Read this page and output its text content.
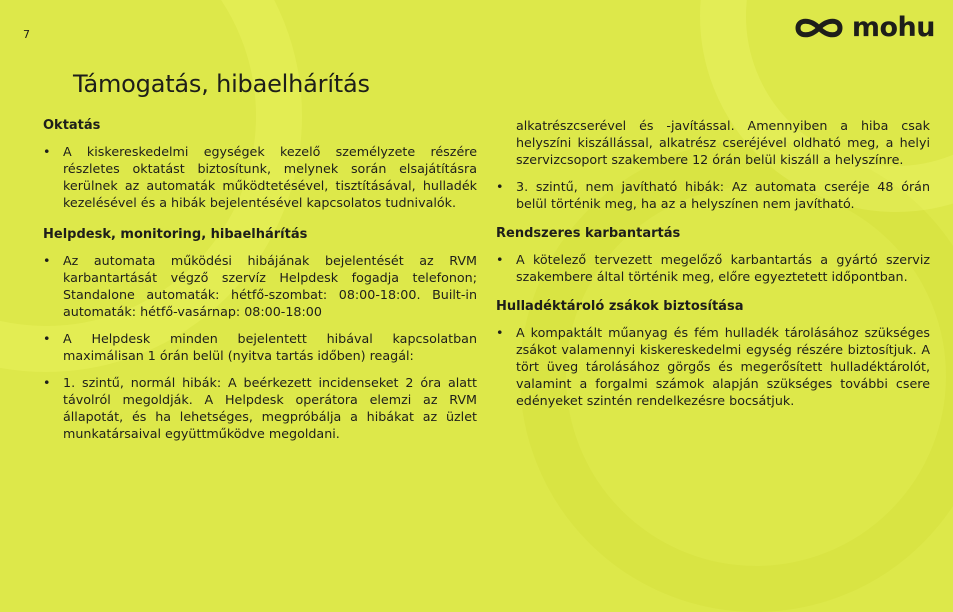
7	mohu
Támogatás, hibaelhárítás
Oktatás
• A kiskereskedelmi egységek kezelő személyzete részére részletes oktatást biztosítunk, melynek során elsajátításra kerülnek az automaták működtetésével, tisztításával, hulladék kezelésével és a hibák bejelentésével kapcsolatos tudnivalók.
Helpdesk, monitoring, hibaelhárítás
• Az automata működési hibájának bejelentését az RVM karbantartását végző szervíz Helpdesk fogadja telefonon; Standalone automaták: hétfő-szombat: 08:00-18:00. Built-in automaták: hétfő-vasárnap: 08:00-18:00
• A Helpdesk minden bejelentett hibával kapcsolatban maximálisan 1 órán belül (nyitva tartás időben) reagál:
• 1. szintű, normál hibák: A beérkezett incidenseket 2 óra alatt távolról megoldják. A Helpdesk operátora elemzi az RVM állapotát, és ha lehetséges, megpróbálja a hibákat az üzlet munkatársaival együttműködve megoldani.
alkatrészcserével és -javítással. Amennyiben a hiba csak helyszíni kiszállással, alkatrész cseréjével oldható meg, a helyi szervizcsoport szakembere 12 órán belül kiszáll a helyszínre.
• 3. szintű, nem javítható hibák: Az automata cseréje 48 órán belül történik meg, ha az a helyszínen nem javítható.
Rendszeres karbantartás
• A kötelező tervezett megelőző karbantartás a gyártó szerviz szakembere által történik meg, előre egyeztetett időpontban.
Hulladéktároló zsákok biztosítása
• A kompaktált műanyag és fém hulladék tárolásához szükséges zsákot valamennyi kiskereskedelmi egység részére biztosítjuk. A tört üveg tárolásához görgős és megerősített hulladéktárolót, valamint a forgalmi számok alapján szükséges további csere edényeket szintén rendelkezésre bocsátjuk.
